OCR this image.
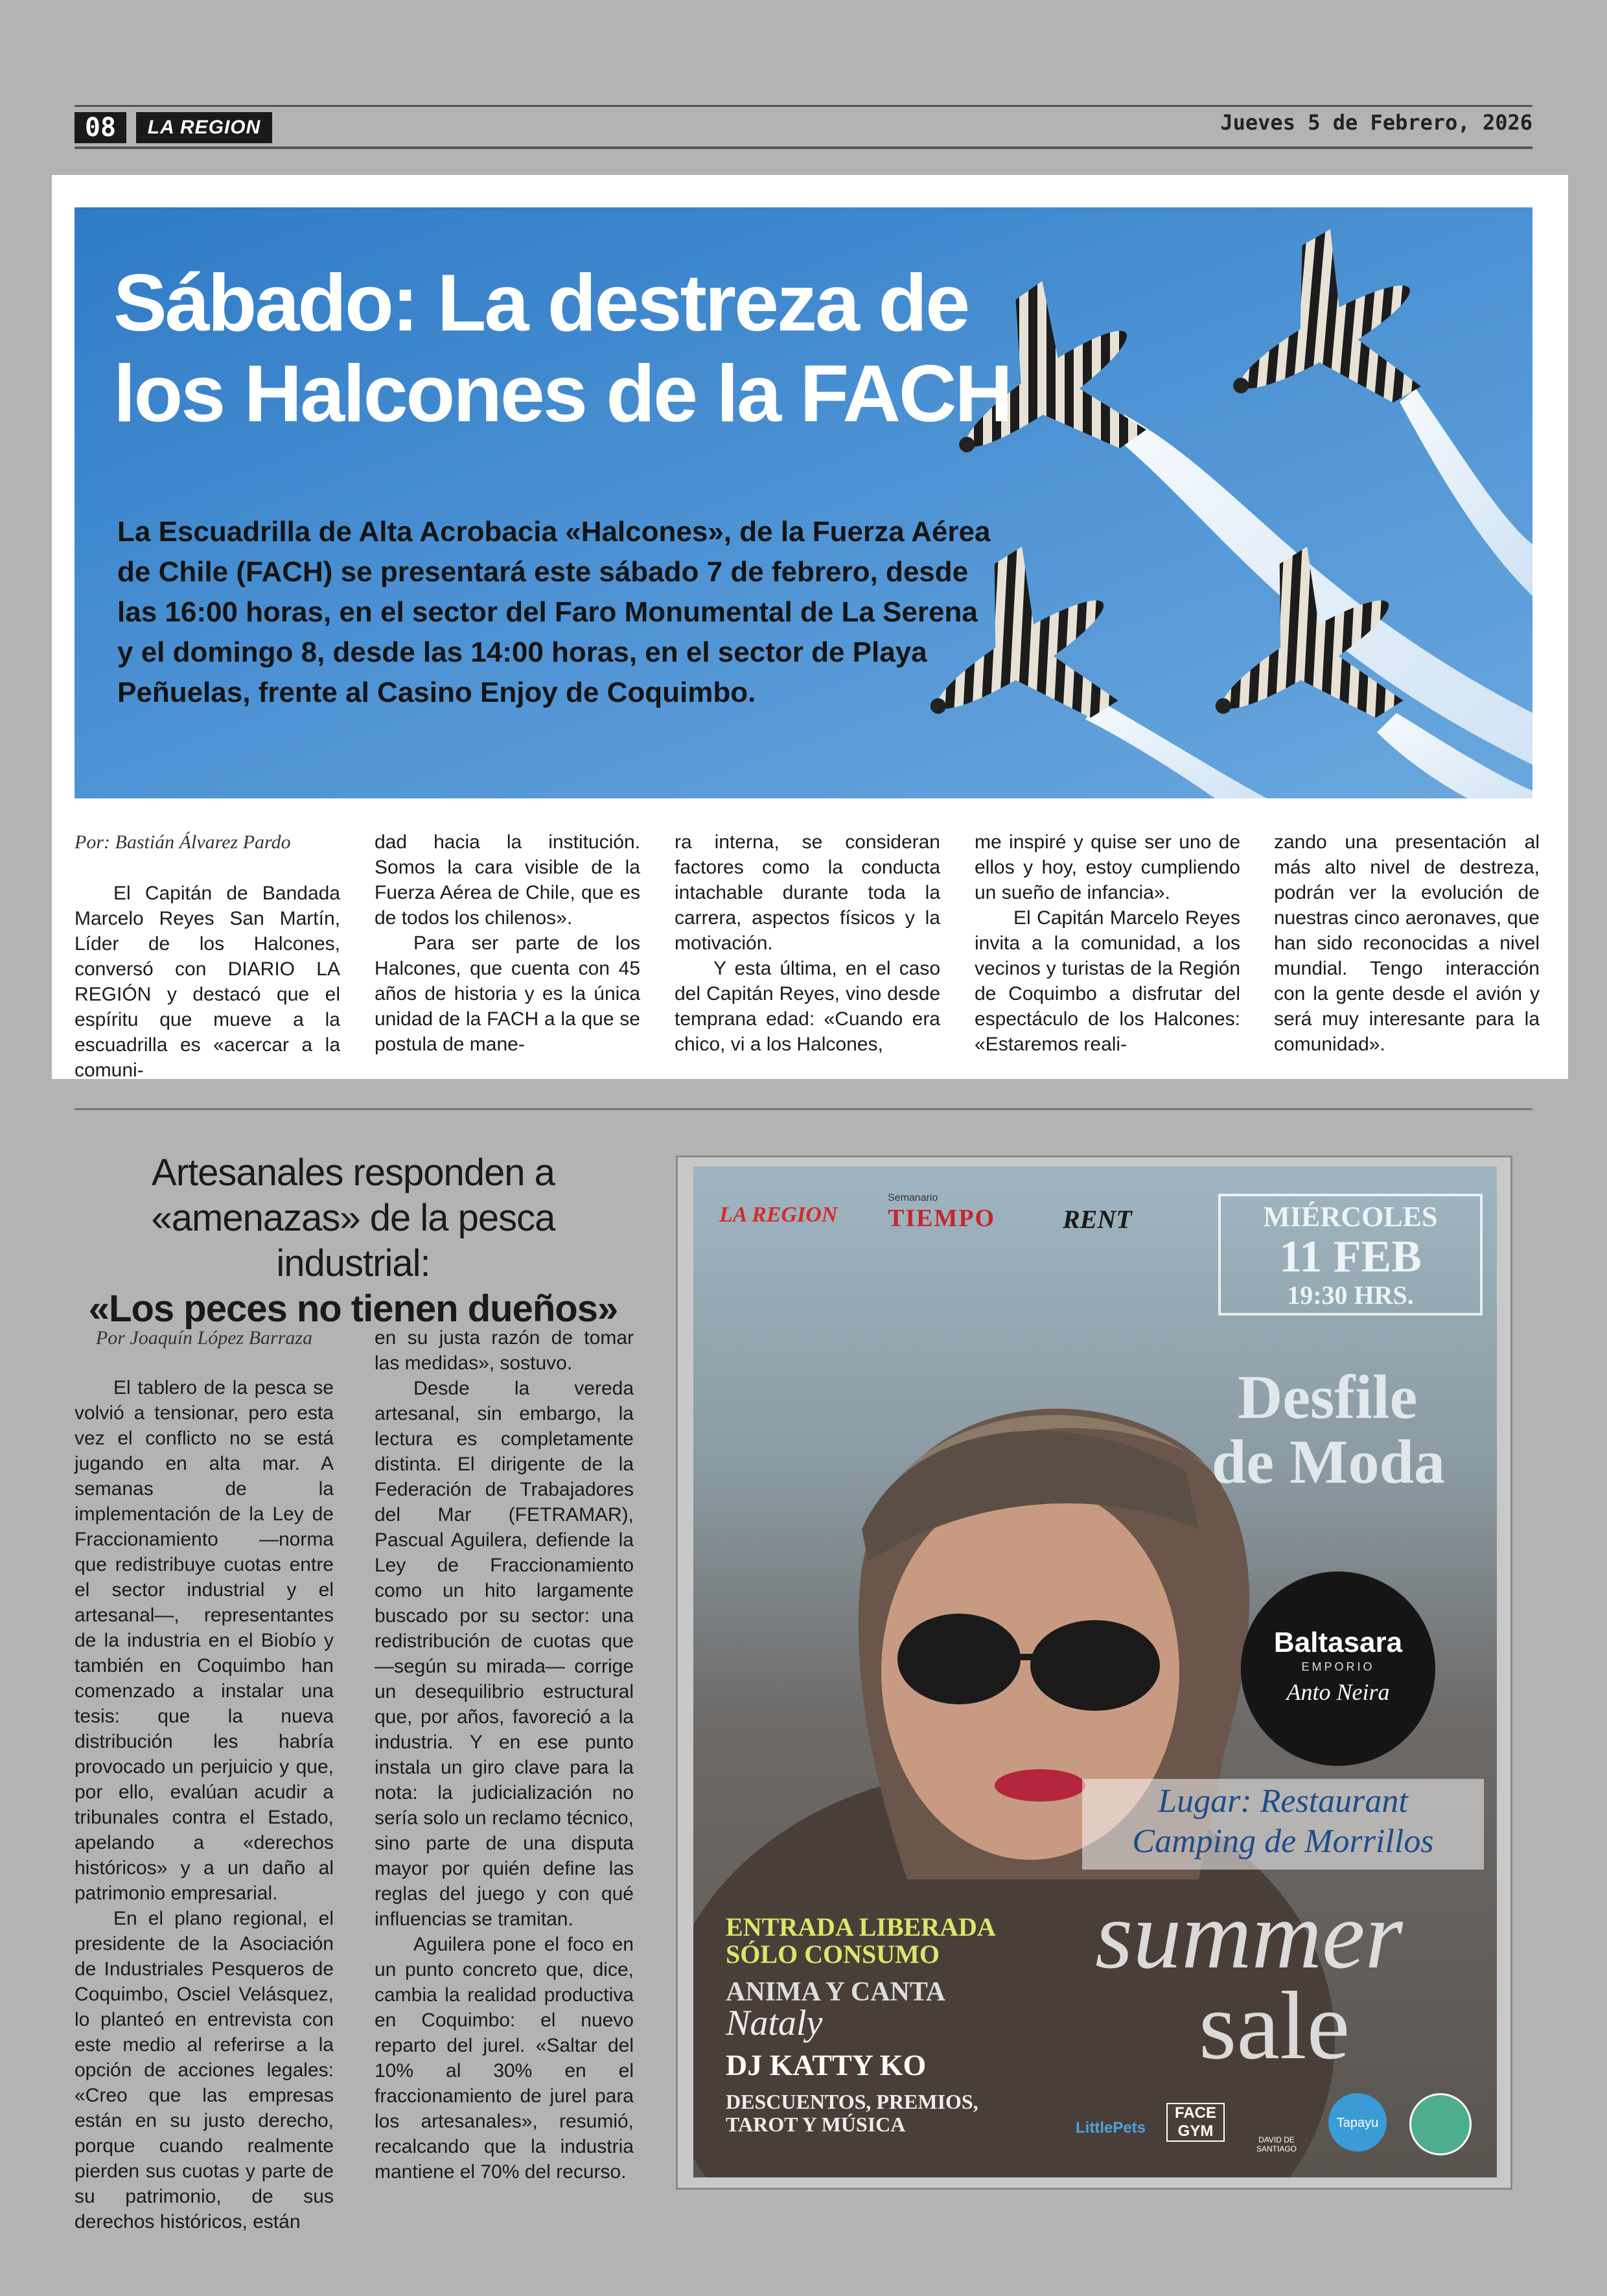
08	LA REGION	Jueves 5 de Febrero, 2026
Sábado: La destreza de los Halcones de la FACH
La Escuadrilla de Alta Acrobacia «Halcones», de la Fuerza Aérea de Chile (FACH) se presentará este sábado 7 de febrero, desde las 16:00 horas, en el sector del Faro Monumental de La Serena y el domingo 8, desde las 14:00 horas, en el sector de Playa Peñuelas, frente al Casino Enjoy de Coquimbo.
Por: Bastián Álvarez Pardo

El Capitán de Bandada Marcelo Reyes San Martín, Líder de los Halcones, conversó con DIARIO LA REGIÓN y destacó que el espíritu que mueve a la escuadrilla es «acercar a la comuni-

dad hacia la institución. Somos la cara visible de la Fuerza Aérea de Chile, que es de todos los chilenos».

Para ser parte de los Halcones, que cuenta con 45 años de historia y es la única unidad de la FACH a la que se postula de mane-

ra interna, se consideran factores como la conducta intachable durante toda la carrera, aspectos físicos y la motivación.

Y esta última, en el caso del Capitán Reyes, vino desde temprana edad: «Cuando era chico, vi a los Halcones,

me inspiré y quise ser uno de ellos y hoy, estoy cumpliendo un sueño de infancia».

El Capitán Marcelo Reyes invita a la comunidad, a los vecinos y turistas de la Región de Coquimbo a disfrutar del espectáculo de los Halcones: «Estaremos reali-

zando una presentación al más alto nivel de destreza, podrán ver la evolución de nuestras cinco aeronaves, que han sido reconocidas a nivel mundial. Tengo interacción con la gente desde el avión y será muy interesante para la comunidad».

Artesanales responden a
«amenazas» de la pesca industrial:
«Los peces no tienen dueños»
Por Joaquín López Barraza

El tablero de la pesca se volvió a tensionar, pero esta vez el conflicto no se está jugando en alta mar. A semanas de la implementación de la Ley de Fraccionamiento —norma que redistribuye cuotas entre el sector industrial y el artesanal—, representantes de la industria en el Biobío y también en Coquimbo han comenzado a instalar una tesis: que la nueva distribución les habría provocado un perjuicio y que, por ello, evalúan acudir a tribunales contra el Estado, apelando a «derechos históricos» y a un daño al patrimonio empresarial.

En el plano regional, el presidente de la Asociación de Industriales Pesqueros de Coquimbo, Osciel Velásquez, lo planteó en entrevista con este medio al referirse a la opción de acciones legales: «Creo que las empresas están en su justo derecho, porque cuando realmente pierden sus cuotas y parte de su patrimonio, de sus derechos históricos, están

en su justa razón de tomar las medidas», sostuvo.

Desde la vereda artesanal, sin embargo, la lectura es completamente distinta. El dirigente de la Federación de Trabajadores del Mar (FETRAMAR), Pascual Aguilera, defiende la Ley de Fraccionamiento como un hito largamente buscado por su sector: una redistribución de cuotas que —según su mirada— corrige un desequilibrio estructural que, por años, favoreció a la industria. Y en ese punto instala un giro clave para la nota: la judicialización no sería solo un reclamo técnico, sino parte de una disputa mayor por quién define las reglas del juego y con qué influencias se tramitan.

Aguilera pone el foco en un punto concreto que, dice, cambia la realidad productiva en Coquimbo: el nuevo reparto del jurel. «Saltar del 10% al 30% en el fraccionamiento de jurel para los artesanales», resumió, recalcando que la industria mantiene el 70% del recurso.

LA REGION
Semanario
TIEMPO	RENT	MIÉRCOLES
11 FEB
19:30 HRS.
Desfile
de Moda
Baltasara
EMPORIO
Anto Neira
Lugar: Restaurant
Camping de Morrillos
ENTRADA LIBERADA
SÓLO CONSUMO
ANIMA Y CANTA
Nataly
DJ KATTY KO
DESCUENTOS, PREMIOS,
TAROT Y MÚSICA
summer
sale
LittlePets
FACE GYM	DAVID DE SANTIAGO
Tapayu
